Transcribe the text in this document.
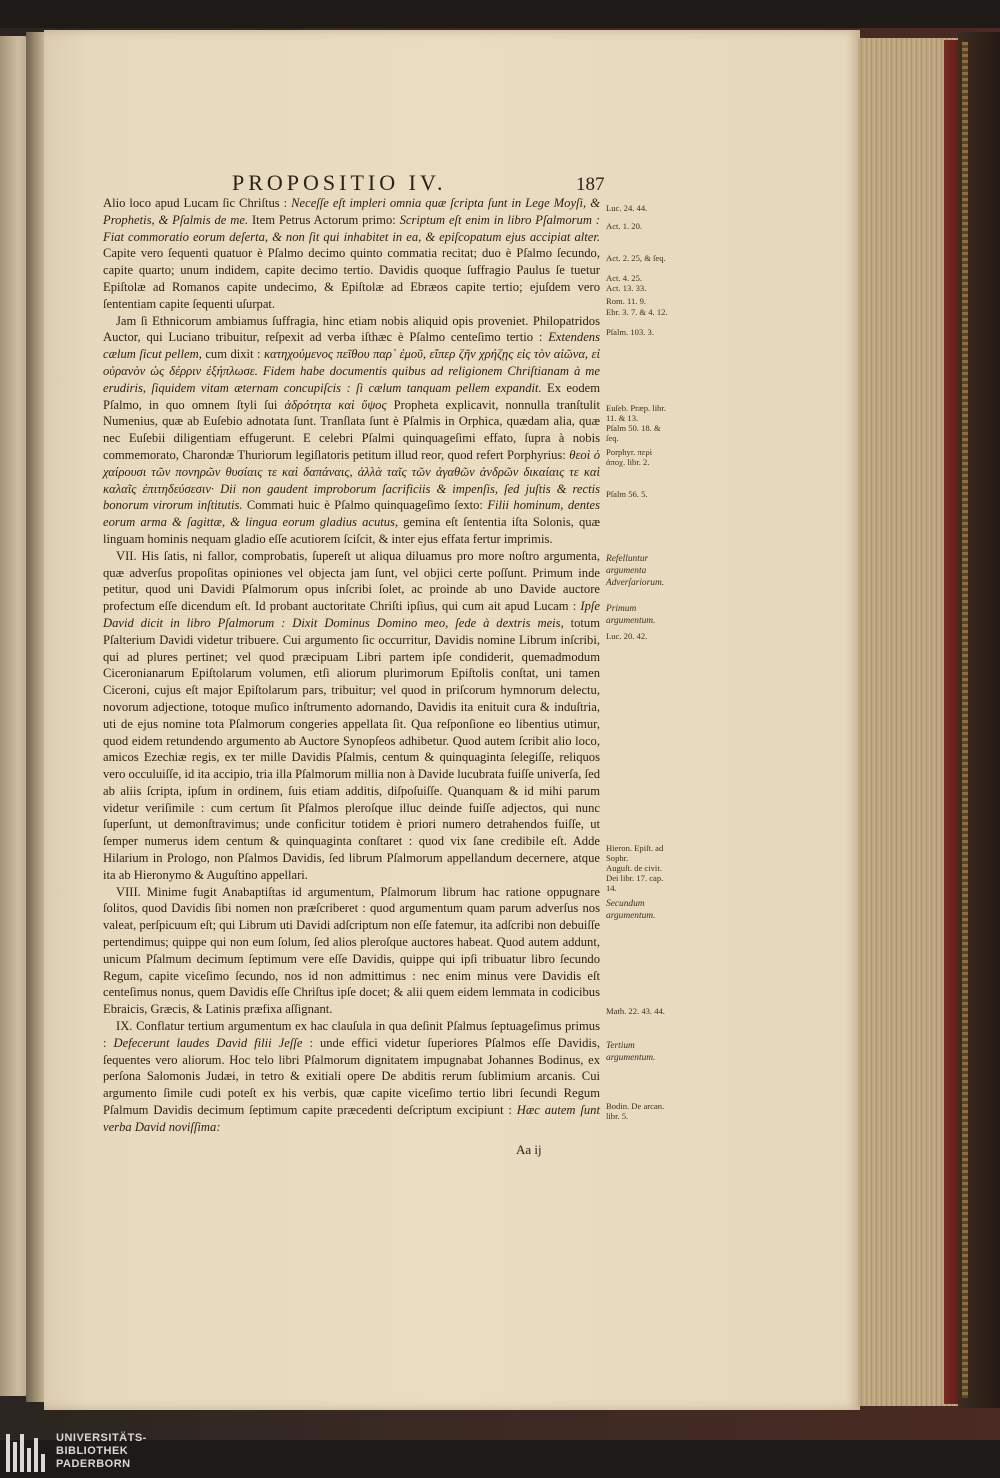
PROPOSITIO IV.	187

Alio loco apud Lucam ſic Chriſtus : Neceſſe eſt impleri omnia quæ ſcripta ſunt in Lege Moyſi, & Prophetis, & Pſalmis de me. Item Petrus Actorum primo: Scriptum eſt enim in libro Pſalmorum : Fiat commoratio eorum deſerta, & non ſit qui inhabitet in ea, & epiſcopatum ejus accipiat alter. Capite vero ſequenti quatuor è Pſalmo decimo quinto commatia recitat; duo è Pſalmo ſecundo, capite quarto; unum indidem, capite decimo tertio. Davidis quoque ſuffragio Paulus ſe tuetur Epiſtolæ ad Romanos capite undecimo, & Epiſtolæ ad Ebræos capite tertio; ejuſdem vero ſententiam capite ſequenti uſurpat.

Jam ſi Ethnicorum ambiamus ſuffragia, hinc etiam nobis aliquid opis proveniet. Philopatridos Auctor, qui Luciano tribuitur, reſpexit ad verba iſthæc è Pſalmo centeſimo tertio : Extendens cælum ſicut pellem, cum dixit : κατηχούμενος πεῖθου παρ᾽ ἐμοῦ, εἴπερ ζῆν χρήζῃς εἰς τὸν αἰῶνα, εἰ οὐρανὸν ὡς δέρριν ἐξήπλωσε. Fidem habe documentis quibus ad religionem Chriſtianam à me erudiris, ſiquidem vitam æternam concupiſcis : ſi cælum tanquam pellem expandit. Ex eodem Pſalmo, in quo omnem ſtyli ſui ἁδρότητα καὶ ὕψος Propheta explicavit, nonnulla tranſtulit Numenius, quæ ab Euſebio adnotata ſunt. Tranſlata ſunt è Pſalmis in Orphica, quædam alia, quæ nec Euſebii diligentiam effugerunt. E celebri Pſalmi quinquageſimi effato, ſupra à nobis commemorato, Charondæ Thuriorum legiſlatoris petitum illud reor, quod refert Porphyrius: θεοὶ ὁ χαίρουσι τῶν πονηρῶν θυσίαις τε καὶ δαπάναις, ἀλλὰ ταῖς τῶν ἀγαθῶν ἀνδρῶν δικαίαις τε καὶ καλαῖς ἐπιτηδεύσεσιν· Dii non gaudent improborum ſacrificiis & impenſis, ſed juſtis & rectis bonorum virorum inſtitutis. Commati huic è Pſalmo quinquageſimo ſexto: Filii hominum, dentes eorum arma & ſagittæ, & lingua eorum gladius acutus, gemina eſt ſententia iſta Solonis, quæ linguam hominis nequam gladio eſſe acutiorem ſciſcit, & inter ejus effata fertur imprimis.

VII. His ſatis, ni fallor, comprobatis, ſupereſt ut aliqua diluamus pro more noſtro argumenta, quæ adverſus propoſitas opiniones vel objecta jam ſunt, vel objici certe poſſunt. Primum inde petitur, quod uni Davidi Pſalmorum opus inſcribi ſolet, ac proinde ab uno Davide auctore profectum eſſe dicendum eſt. Id probant auctoritate Chriſti ipſius, qui cum ait apud Lucam : Ipſe David dicit in libro Pſalmorum : Dixit Dominus Domino meo, ſede à dextris meis, totum Pſalterium Davidi videtur tribuere. Cui argumento ſic occurritur, Davidis nomine Librum inſcribi, qui ad plures pertinet; vel quod præcipuam Libri partem ipſe condiderit, quemadmodum Ciceronianarum Epiſtolarum volumen, etſi aliorum plurimorum Epiſtolis conſtat, uni tamen Ciceroni, cujus eſt major Epiſtolarum pars, tribuitur; vel quod in priſcorum hymnorum delectu, novorum adjectione, totoque muſico inſtrumento adornando, Davidis ita enituit cura & induſtria, uti de ejus nomine tota Pſalmorum congeries appellata ſit. Qua reſponſione eo libentius utimur, quod eidem retundendo argumento ab Auctore Synopſeos adhibetur. Quod autem ſcribit alio loco, amicos Ezechiæ regis, ex ter mille Davidis Pſalmis, centum & quinquaginta ſelegiſſe, reliquos vero occuluiſſe, id ita accipio, tria illa Pſalmorum millia non à Davide lucubrata fuiſſe univerſa, ſed ab aliis ſcripta, ipſum in ordinem, ſuis etiam additis, diſpoſuiſſe. Quanquam & id mihi parum videtur veriſimile : cum certum ſit Pſalmos pleroſque illuc deinde fuiſſe adjectos, qui nunc ſuperſunt, ut demonſtravimus; unde conficitur totidem è priori numero detrahendos fuiſſe, ut ſemper numerus idem centum & quinquaginta conſtaret : quod vix ſane credibile eſt. Adde Hilarium in Prologo, non Pſalmos Davidis, ſed librum Pſalmorum appellandum decernere, atque ita ab Hieronymo & Auguſtino appellari.

VIII. Minime fugit Anabaptiſtas id argumentum, Pſalmorum librum hac ratione oppugnare ſolitos, quod Davidis ſibi nomen non præſcriberet : quod argumentum quam parum adverſus nos valeat, perſpicuum eſt; qui Librum uti Davidi adſcriptum non eſſe fatemur, ita adſcribi non debuiſſe pertendimus; quippe qui non eum ſolum, ſed alios pleroſque auctores habeat. Quod autem addunt, unicum Pſalmum decimum ſeptimum vere eſſe Davidis, quippe qui ipſi tribuatur libro ſecundo Regum, capite viceſimo ſecundo, nos id non admittimus : nec enim minus vere Davidis eſt centeſimus nonus, quem Davidis eſſe Chriſtus ipſe docet; & alii quem eidem lemmata in codicibus Ebraicis, Græcis, & Latinis præfixa aſſignant.

IX. Conflatur tertium argumentum ex hac clauſula in qua deſinit Pſalmus ſeptuageſimus primus : Defecerunt laudes David filii Jeſſe : unde effici videtur ſuperiores Pſalmos eſſe Davidis, ſequentes vero aliorum. Hoc telo libri Pſalmorum dignitatem impugnabat Johannes Bodinus, ex perſona Salomonis Judæi, in tetro & exitiali opere De abditis rerum ſublimium arcanis. Cui argumento ſimile cudi poteſt ex his verbis, quæ capite viceſimo tertio libri ſecundi Regum Pſalmum Davidis decimum ſeptimum capite præcedenti deſcriptum excipiunt : Hæc autem ſunt verba David noviſſima:

Luc. 24. 44.
Act. 1. 20.
Act. 2. 25, & ſeq.
Act. 4. 25.
Act. 13. 33.
Rom. 11. 9.
Ebr. 3. 7. & 4. 12.
Pſalm. 103. 3.
Euſeb. Præp. libr. 11. & 13.
Pſalm 50. 18. & ſeq.
Porphyr. περὶ ἀποχ. libr. 2.
Pſalm 56. 5.
Refelluntur argumenta Adverſariorum.
Primum argumentum.
Luc. 20. 42.
Hieron. Epiſt. ad Sophr.
Auguſt. de civit. Dei libr. 17. cap. 14.
Secundum argumentum.
Math. 22. 43. 44.
Tertium argumentum.
Bodin. De arcan. libr. 5.
Aa ij
UNIVERSITÄTS-
BIBLIOTHEK
PADERBORN
